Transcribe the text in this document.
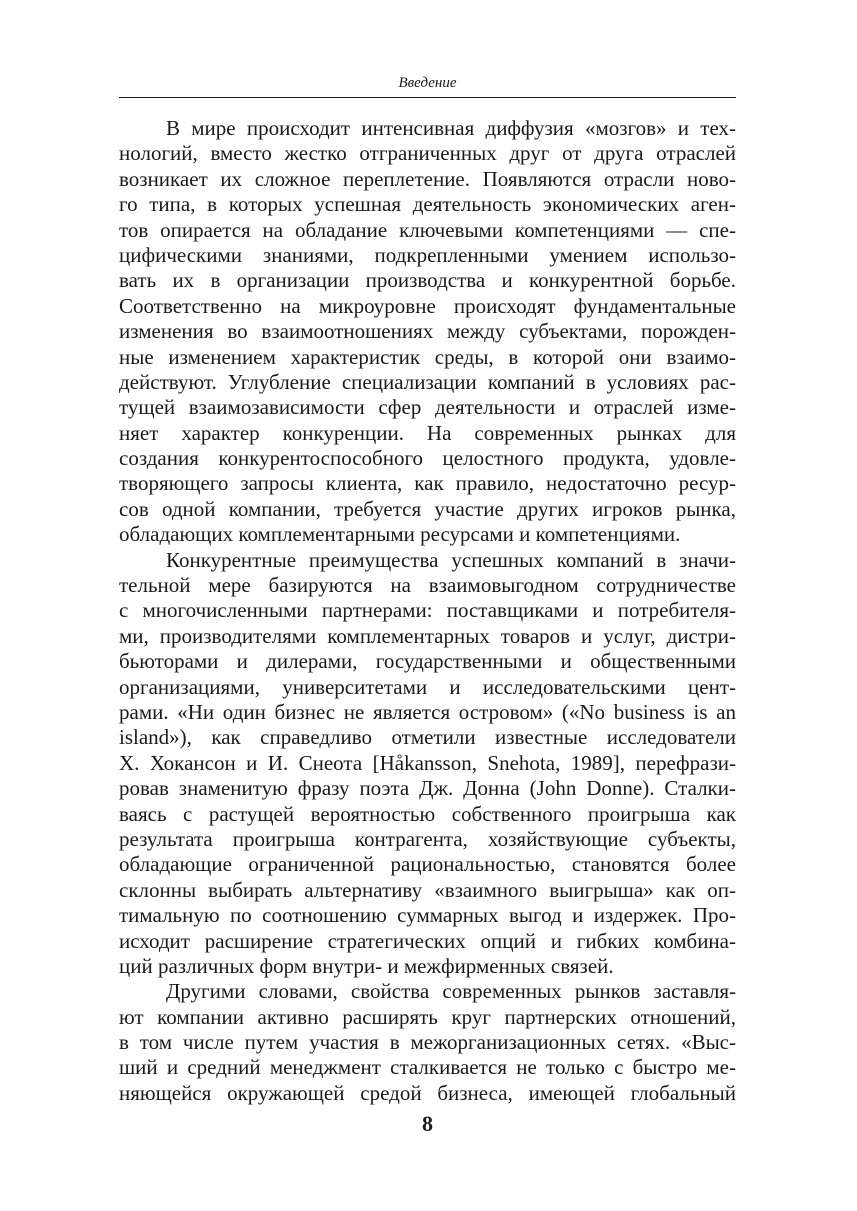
Введение
В мире происходит интенсивная диффузия «мозгов» и тех-
нологий, вместо жестко отграниченных друг от друга отраслей
возникает их сложное переплетение. Появляются отрасли ново-
го типа, в которых успешная деятельность экономических аген-
тов опирается на обладание ключевыми компетенциями — спе-
цифическими знаниями, подкрепленными умением использо-
вать их в организации производства и конкурентной борьбе.
Соответственно на микроуровне происходят фундаментальные
изменения во взаимоотношениях между субъектами, порожден-
ные изменением характеристик среды, в которой они взаимо-
действуют. Углубление специализации компаний в условиях рас-
тущей взаимозависимости сфер деятельности и отраслей изме-
няет характер конкуренции. На современных рынках для
создания конкурентоспособного целостного продукта, удовле-
творяющего запросы клиента, как правило, недостаточно ресур-
сов одной компании, требуется участие других игроков рынка,
обладающих комплементарными ресурсами и компетенциями.
Конкурентные преимущества успешных компаний в значи-
тельной мере базируются на взаимовыгодном сотрудничестве
с многочисленными партнерами: поставщиками и потребителя-
ми, производителями комплементарных товаров и услуг, дистри-
бьюторами и дилерами, государственными и общественными
организациями, университетами и исследовательскими цент-
рами. «Ни один бизнес не является островом» («No business is an
island»), как справедливо отметили известные исследователи
Х. Хокансон и И. Снеота [Håkansson, Snehota, 1989], перефрази-
ровав знаменитую фразу поэта Дж. Донна (John Donne). Сталки-
ваясь с растущей вероятностью собственного проигрыша как
результата проигрыша контрагента, хозяйствующие субъекты,
обладающие ограниченной рациональностью, становятся более
склонны выбирать альтернативу «взаимного выигрыша» как оп-
тимальную по соотношению суммарных выгод и издержек. Про-
исходит расширение стратегических опций и гибких комбина-
ций различных форм внутри- и межфирменных связей.
Другими словами, свойства современных рынков заставля-
ют компании активно расширять круг партнерских отношений,
в том числе путем участия в межорганизационных сетях. «Выс-
ший и средний менеджмент сталкивается не только с быстро ме-
няющейся окружающей средой бизнеса, имеющей глобальный
8
